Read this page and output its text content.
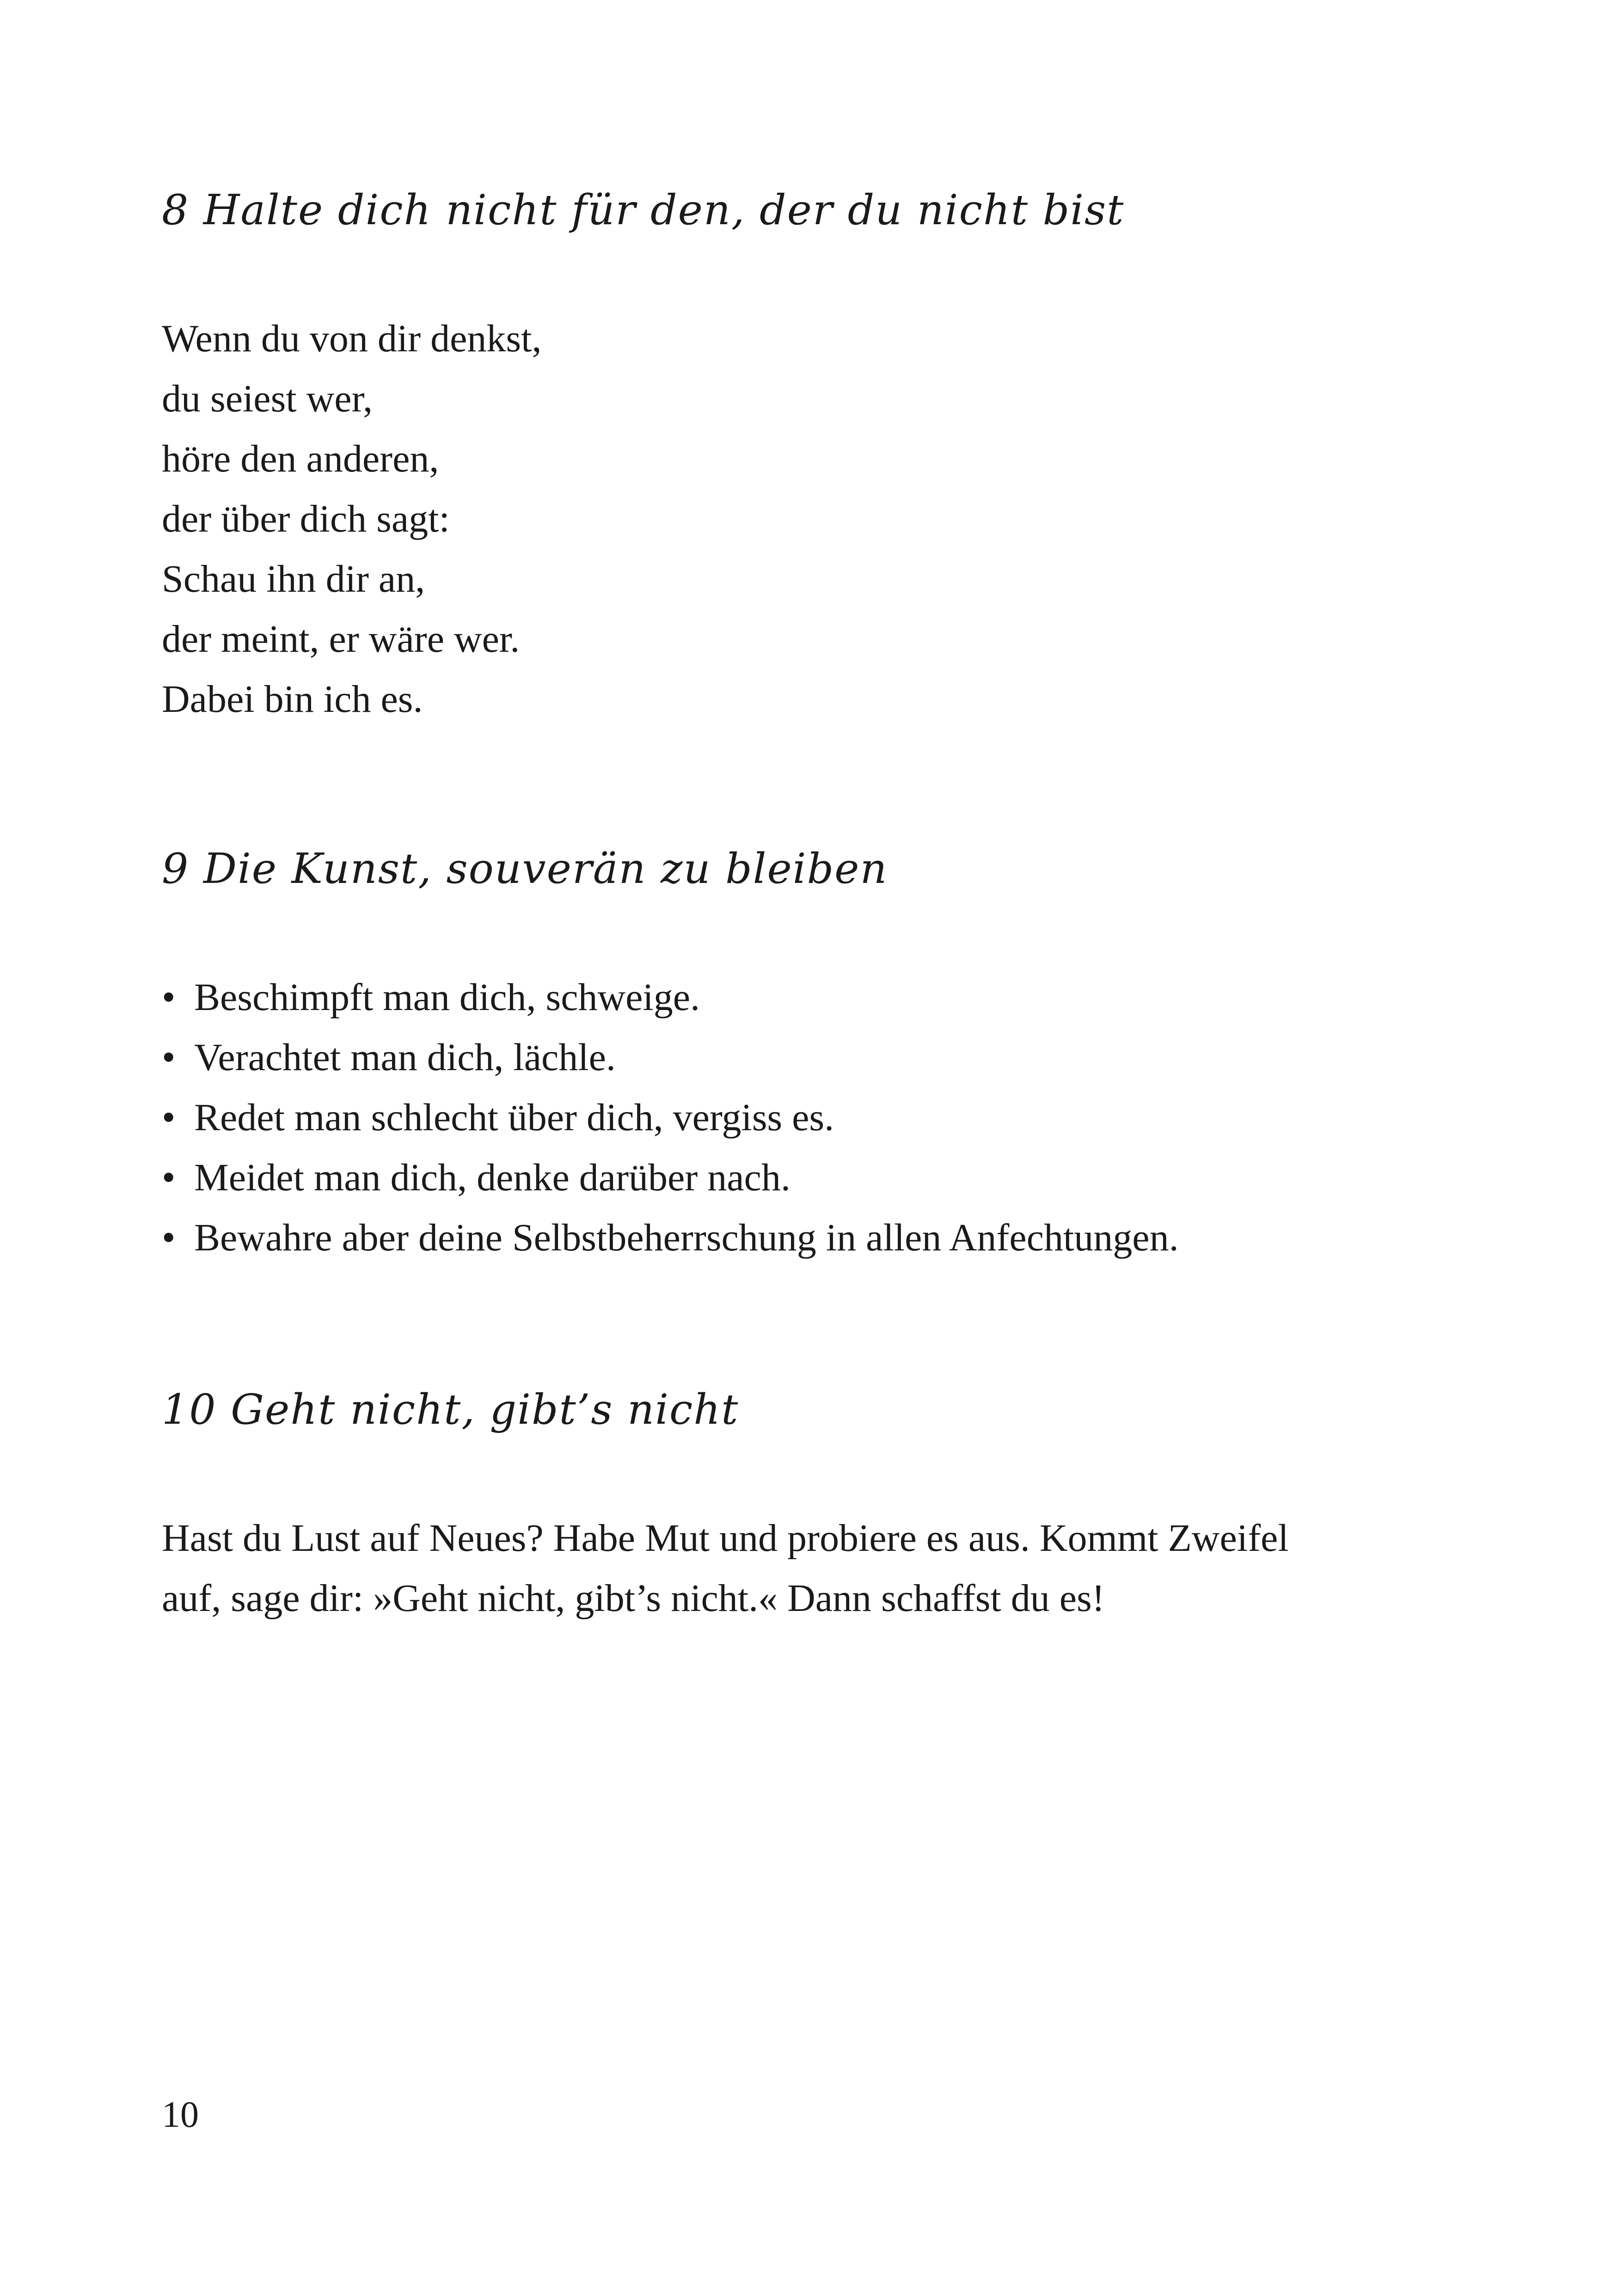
8 Halte dich nicht für den, der du nicht bist
Wenn du von dir denkst,
du seiest wer,
höre den anderen,
der über dich sagt:
Schau ihn dir an,
der meint, er wäre wer.
Dabei bin ich es.
9 Die Kunst, souverän zu bleiben
• Beschimpft man dich, schweige.
• Verachtet man dich, lächle.
• Redet man schlecht über dich, vergiss es.
• Meidet man dich, denke darüber nach.
• Bewahre aber deine Selbstbeherrschung in allen Anfechtungen.
10 Geht nicht, gibt’s nicht

Hast du Lust auf Neues? Habe Mut und probiere es aus. Kommt Zweifel
auf, sage dir: »Geht nicht, gibt’s nicht.« Dann schaffst du es!

10
